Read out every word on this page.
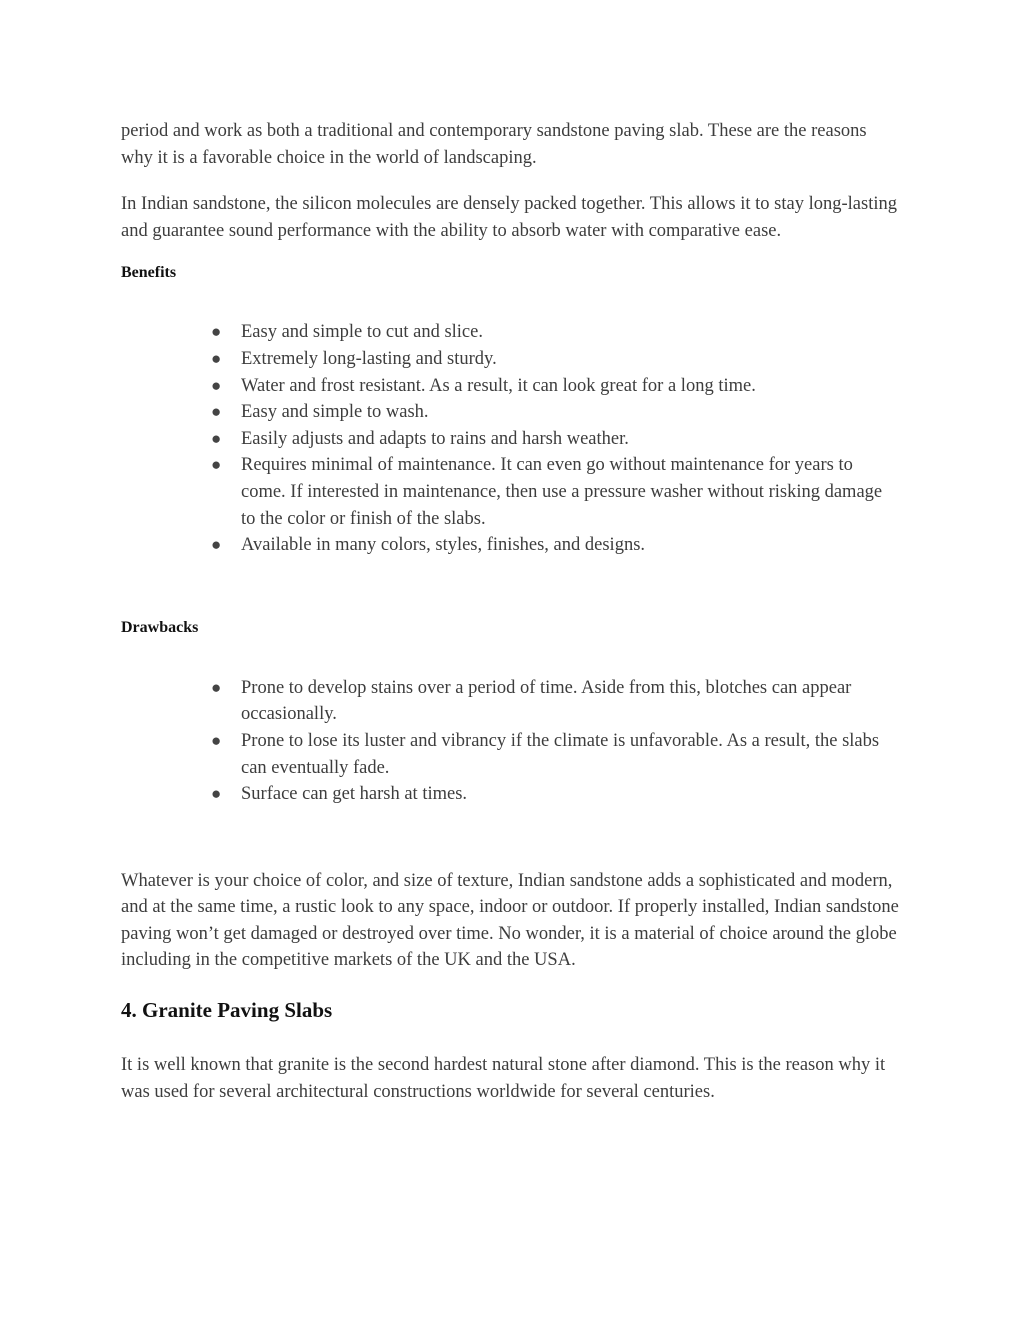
period and work as both a traditional and contemporary sandstone paving slab. These are the reasons why it is a favorable choice in the world of landscaping.

In Indian sandstone, the silicon molecules are densely packed together. This allows it to stay long-lasting and guarantee sound performance with the ability to absorb water with comparative ease.

Benefits
● Easy and simple to cut and slice.
● Extremely long-lasting and sturdy.
● Water and frost resistant. As a result, it can look great for a long time.
● Easy and simple to wash.
● Easily adjusts and adapts to rains and harsh weather.
● Requires minimal of maintenance. It can even go without maintenance for years to come. If interested in maintenance, then use a pressure washer without risking damage to the color or finish of the slabs.
● Available in many colors, styles, finishes, and designs.
Drawbacks
● Prone to develop stains over a period of time. Aside from this, blotches can appear occasionally.
● Prone to lose its luster and vibrancy if the climate is unfavorable. As a result, the slabs can eventually fade.
● Surface can get harsh at times.

Whatever is your choice of color, and size of texture, Indian sandstone adds a sophisticated and modern, and at the same time, a rustic look to any space, indoor or outdoor. If properly installed, Indian sandstone paving won’t get damaged or destroyed over time. No wonder, it is a material of choice around the globe including in the competitive markets of the UK and the USA.

4. Granite Paving Slabs

It is well known that granite is the second hardest natural stone after diamond. This is the reason why it was used for several architectural constructions worldwide for several centuries.
